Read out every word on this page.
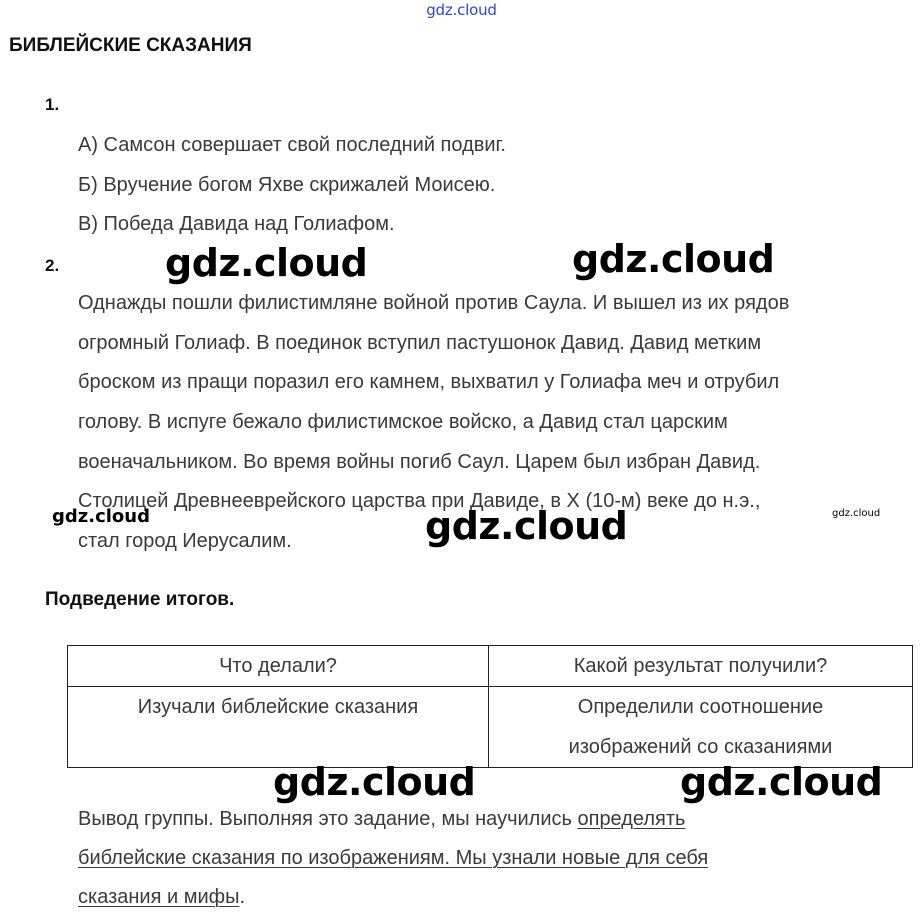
gdz.cloud
БИБЛЕЙСКИЕ СКАЗАНИЯ
1.
А) Самсон совершает свой последний подвиг.
Б) Вручение богом Яхве скрижалей Моисею.
В) Победа Давида над Голиафом.
2.
Однажды пошли филистимляне войной против Саула. И вышел из их рядов
огромный Голиаф. В поединок вступил пастушонок Давид. Давид метким
броском из пращи поразил его камнем, выхватил у Голиафа меч и отрубил
голову. В испуге бежало филистимское войско, а Давид стал царским
военачальником. Во время войны погиб Саул. Царем был избран Давид.
Столицей Древнееврейского царства при Давиде, в X (10-м) веке до н.э.,
стал город Иерусалим.
Подведение итогов.
Что делали?	Какой результат получили?
Изучали библейские сказания	Определили соотношение
изображений со сказаниями
Вывод группы. Выполняя это задание, мы научились определять
библейские сказания по изображениям. Мы узнали новые для себя
сказания и мифы.
gdz.cloud	gdz.cloud
gdz.cloud	gdz.cloud
gdz.cloud
gdz.cloud	gdz.cloud
